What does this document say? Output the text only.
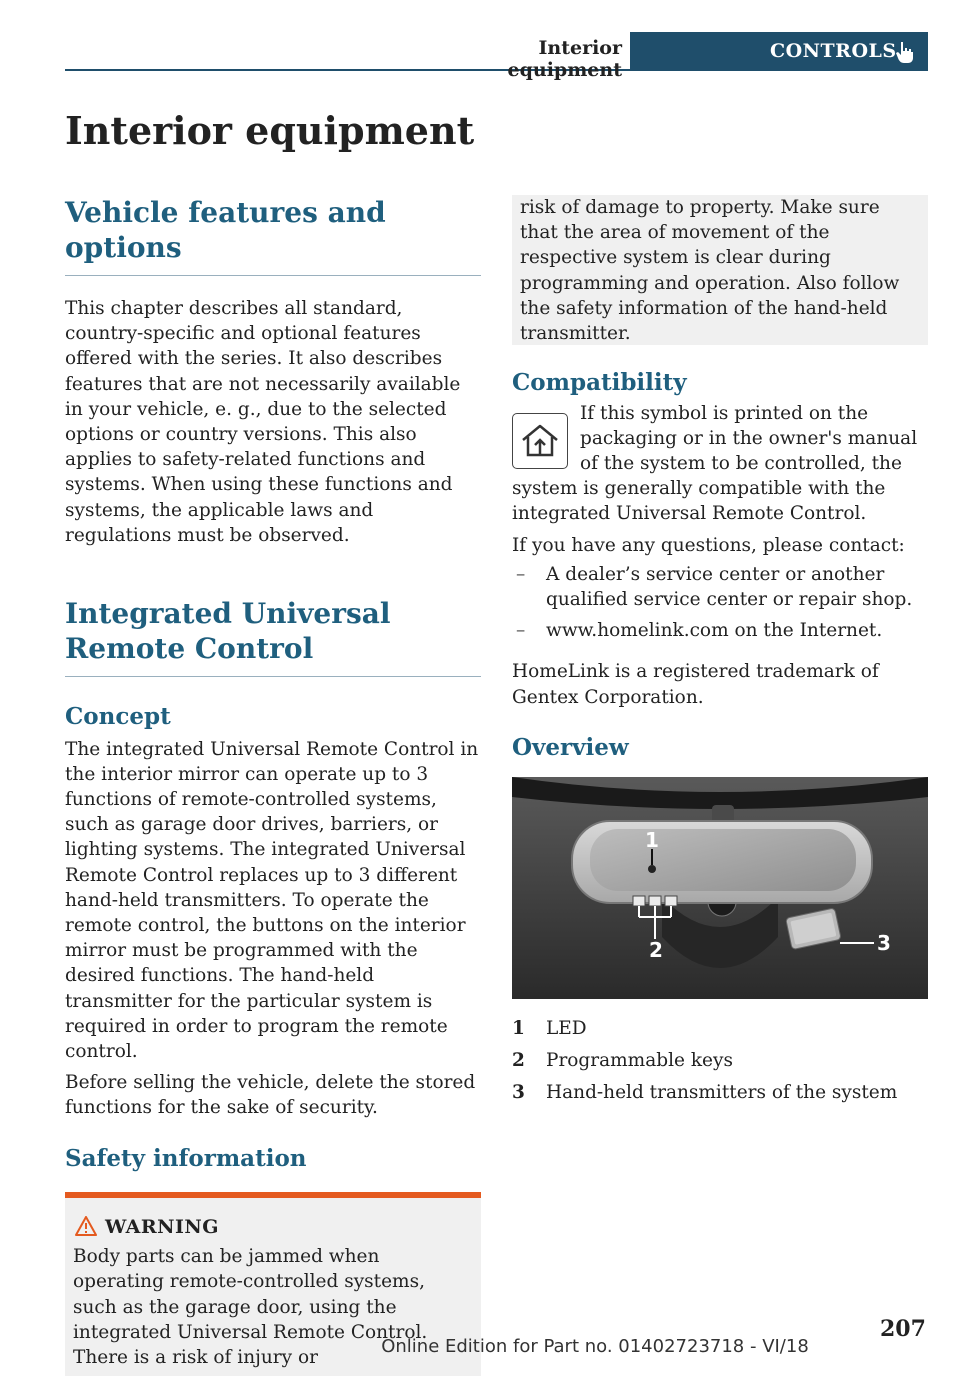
Interior equipment
CONTROLS
Interior equipment
Vehicle features and options

This chapter describes all standard, country-specific and optional features offered with the series. It also describes features that are not necessarily available in your vehicle, e. g., due to the selected options or country versions. This also applies to safety-related functions and systems. When using these functions and systems, the applicable laws and regulations must be observed.

Integrated Universal Remote Control
Concept

The integrated Universal Remote Control in the interior mirror can operate up to 3 functions of remote-controlled systems, such as garage door drives, barriers, or lighting systems. The integrated Universal Remote Control replaces up to 3 different hand-held transmitters. To operate the remote control, the buttons on the interior mirror must be programmed with the desired functions. The hand-held transmitter for the particular system is required in order to program the remote control.

Before selling the vehicle, delete the stored functions for the sake of security.

Safety information
WARNING

Body parts can be jammed when operating remote-controlled systems, such as the garage door, using the integrated Universal Remote Control. There is a risk of injury or

risk of damage to property. Make sure that the area of movement of the respective system is clear during programming and operation. Also follow the safety information of the hand-held transmitter.

Compatibility

If this symbol is printed on the packaging or in the owner's manual of the system to be controlled, the system is generally compatible with the integrated Universal Remote Control.

If you have any questions, please contact:

– A dealer’s service center or another qualified service center or repair shop.
– www.homelink.com on the Internet.

HomeLink is a registered trademark of Gentex Corporation.

Overview
1
2	3
1	LED
2	Programmable keys
3	Hand-held transmitters of the system
207
Online Edition for Part no. 01402723718 - VI/18
